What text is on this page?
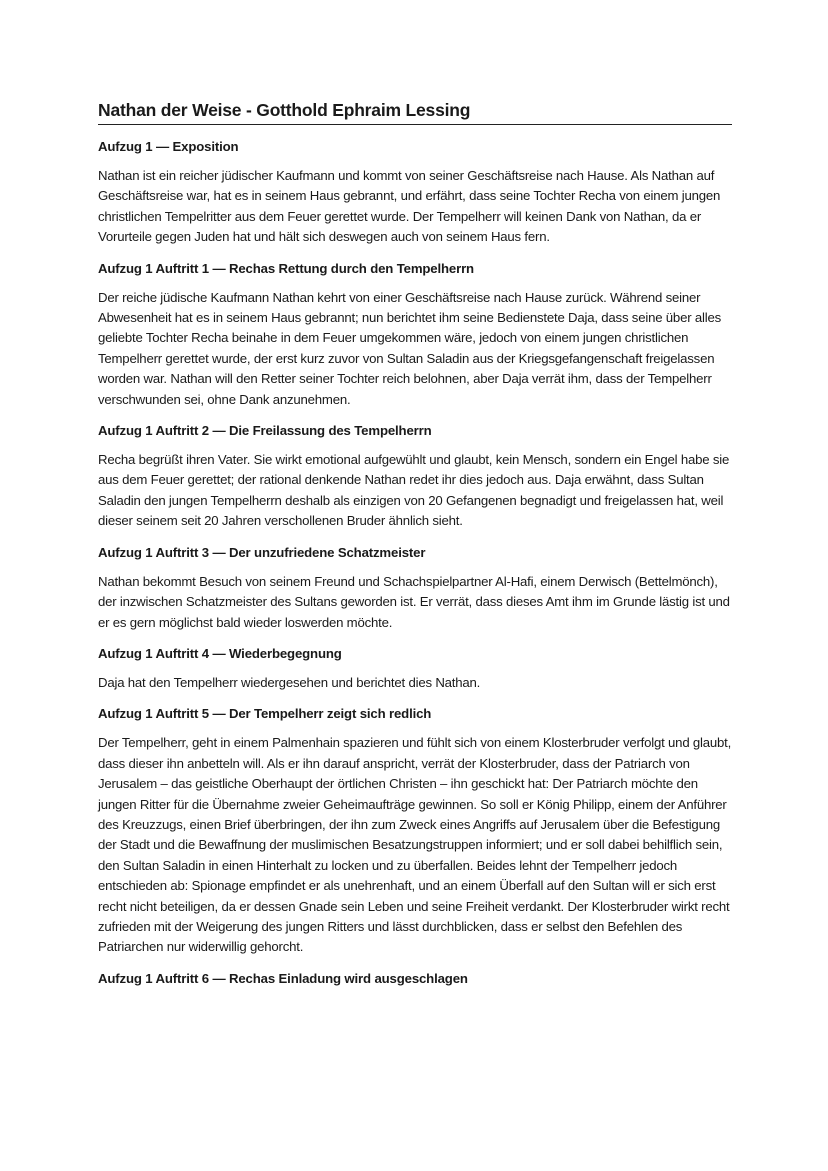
Nathan der Weise - Gotthold Ephraim Lessing
Aufzug 1 — Exposition

Nathan ist ein reicher jüdischer Kaufmann und kommt von seiner Geschäftsreise nach Hause. Als Nathan auf Geschäftsreise war, hat es in seinem Haus gebrannt, und erfährt, dass seine Tochter Recha von einem jungen christlichen Tempelritter aus dem Feuer gerettet wurde. Der Tempelherr will keinen Dank von Nathan, da er Vorurteile gegen Juden hat und hält sich deswegen auch von seinem Haus fern.

Aufzug 1 Auftritt 1 — Rechas Rettung durch den Tempelherrn

Der reiche jüdische Kaufmann Nathan kehrt von einer Geschäftsreise nach Hause zurück. Während seiner Abwesenheit hat es in seinem Haus gebrannt; nun berichtet ihm seine Bedienstete Daja, dass seine über alles geliebte Tochter Recha beinahe in dem Feuer umgekommen wäre, jedoch von einem jungen christlichen Tempelherr gerettet wurde, der erst kurz zuvor von Sultan Saladin aus der Kriegsgefangenschaft freigelassen worden war. Nathan will den Retter seiner Tochter reich belohnen, aber Daja verrät ihm, dass der Tempelherr verschwunden sei, ohne Dank anzunehmen.

Aufzug 1 Auftritt 2 — Die Freilassung des Tempelherrn

Recha begrüßt ihren Vater. Sie wirkt emotional aufgewühlt und glaubt, kein Mensch, sondern ein Engel habe sie aus dem Feuer gerettet; der rational denkende Nathan redet ihr dies jedoch aus. Daja erwähnt, dass Sultan Saladin den jungen Tempelherrn deshalb als einzigen von 20 Gefangenen begnadigt und freigelassen hat, weil dieser seinem seit 20 Jahren verschollenen Bruder ähnlich sieht.

Aufzug 1 Auftritt 3 — Der unzufriedene Schatzmeister

Nathan bekommt Besuch von seinem Freund und Schachspielpartner Al-Hafi, einem Derwisch (Bettelmönch), der inzwischen Schatzmeister des Sultans geworden ist. Er verrät, dass dieses Amt ihm im Grunde lästig ist und er es gern möglichst bald wieder loswerden möchte.

Aufzug 1 Auftritt 4 — Wiederbegegnung

Daja hat den Tempelherr wiedergesehen und berichtet dies Nathan.

Aufzug 1 Auftritt 5 — Der Tempelherr zeigt sich redlich

Der Tempelherr, geht in einem Palmenhain spazieren und fühlt sich von einem Klosterbruder verfolgt und glaubt, dass dieser ihn anbetteln will. Als er ihn darauf anspricht, verrät der Klosterbruder, dass der Patriarch von Jerusalem – das geistliche Oberhaupt der örtlichen Christen – ihn geschickt hat: Der Patriarch möchte den jungen Ritter für die Übernahme zweier Geheimaufträge gewinnen. So soll er König Philipp, einem der Anführer des Kreuzzugs, einen Brief überbringen, der ihn zum Zweck eines Angriffs auf Jerusalem über die Befestigung der Stadt und die Bewaffnung der muslimischen Besatzungstruppen informiert; und er soll dabei behilflich sein, den Sultan Saladin in einen Hinterhalt zu locken und zu überfallen. Beides lehnt der Tempelherr jedoch entschieden ab: Spionage empfindet er als unehrenhaft, und an einem Überfall auf den Sultan will er sich erst recht nicht beteiligen, da er dessen Gnade sein Leben und seine Freiheit verdankt. Der Klosterbruder wirkt recht zufrieden mit der Weigerung des jungen Ritters und lässt durchblicken, dass er selbst den Befehlen des Patriarchen nur widerwillig gehorcht.

Aufzug 1 Auftritt 6 — Rechas Einladung wird ausgeschlagen
